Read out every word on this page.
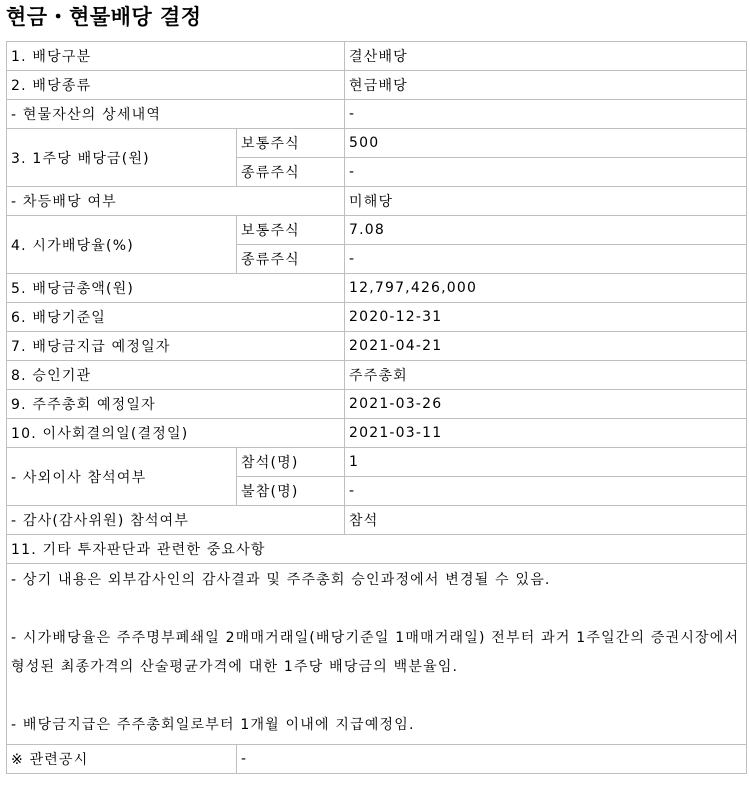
현금・현물배당 결정
1. 배당구분		결산배당
2. 배당종류		현금배당
- 현물자산의 상세내역		-
3. 1주당 배당금(원)	보통주식	500
	종류주식	-
- 차등배당 여부		미해당
4. 시가배당율(%)	보통주식	7.08
	종류주식	-
5. 배당금총액(원)		12,797,426,000
6. 배당기준일		2020-12-31
7. 배당금지급 예정일자		2021-04-21
8. 승인기관		주주총회
9. 주주총회 예정일자		2021-03-26
10. 이사회결의일(결정일)		2021-03-11
- 사외이사 참석여부	참석(명)	1
	불참(명)	-
- 감사(감사위원) 참석여부		참석
11. 기타 투자판단과 관련한 중요사항		

- 상기 내용은 외부감사인의 감사결과 및 주주총회 승인과정에서 변경될 수 있음.
- 시가배당율은 주주명부폐쇄일 2매매거래일(배당기준일 1매매거래일) 전부터 과거 1주일간의 증권시장에서 형성된 최종가격의 산술평균가격에 대한 1주당 배당금의 백분율임.
- 배당금지급은 주주총회일로부터 1개월 이내에 지급예정임.		

※ 관련공시	-	
